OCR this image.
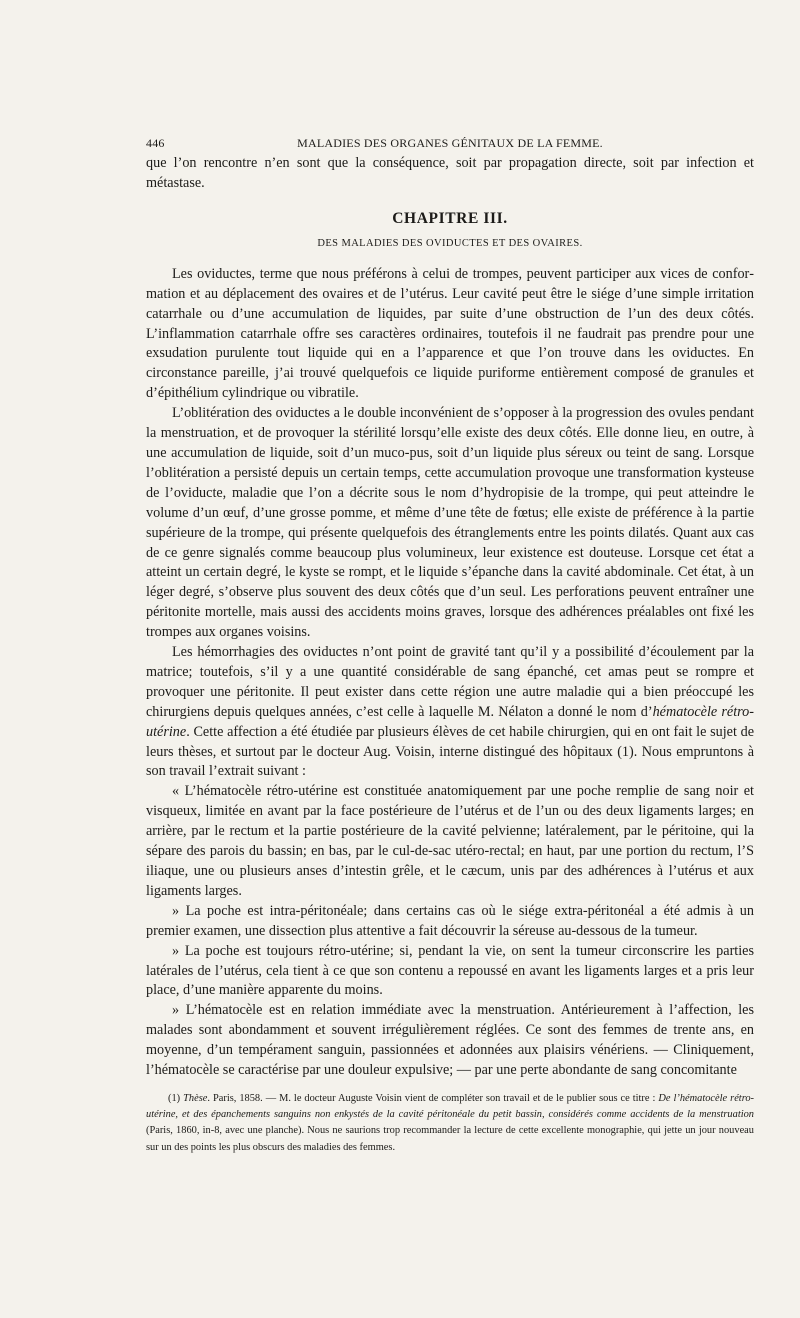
446	MALADIES DES ORGANES GÉNITAUX DE LA FEMME.

que l’on rencontre n’en sont que la conséquence, soit par propagation directe, soit par infection et métastase.

CHAPITRE III.
DES MALADIES DES OVIDUCTES ET DES OVAIRES.

Les oviductes, terme que nous préférons à celui de trompes, peuvent participer aux vices de conformation et au déplacement des ovaires et de l’utérus. Leur cavité peut être le siége d’une simple irritation catarrhale ou d’une accumulation de liquides, par suite d’une obstruction de l’un des deux côtés. L’inflammation catarrhale offre ses caractères ordinaires, toutefois il ne faudrait pas prendre pour une exsudation purulente tout liquide qui en a l’apparence et que l’on trouve dans les oviductes. En circonstance pareille, j’ai trouvé quelquefois ce liquide puriforme entièrement composé de granules et d’épithélium cylindrique ou vibratile.

L’oblitération des oviductes a le double inconvénient de s’opposer à la progression des ovules pendant la menstruation, et de provoquer la stérilité lorsqu’elle existe des deux côtés. Elle donne lieu, en outre, à une accumulation de liquide, soit d’un muco-pus, soit d’un liquide plus séreux ou teint de sang. Lorsque l’oblitération a persisté depuis un certain temps, cette accumulation provoque une transformation kysteuse de l’oviducte, maladie que l’on a décrite sous le nom d’hydropisie de la trompe, qui peut atteindre le volume d’un œuf, d’une grosse pomme, et même d’une tête de fœtus; elle existe de préférence à la partie supérieure de la trompe, qui présente quelquefois des étranglements entre les points dilatés. Quant aux cas de ce genre signalés comme beaucoup plus volumineux, leur existence est douteuse. Lorsque cet état a atteint un certain degré, le kyste se rompt, et le liquide s’épanche dans la cavité abdominale. Cet état, à un léger degré, s’observe plus souvent des deux côtés que d’un seul. Les perforations peuvent entraîner une péritonite mortelle, mais aussi des accidents moins graves, lorsque des adhérences préalables ont fixé les trompes aux organes voisins.

Les hémorrhagies des oviductes n’ont point de gravité tant qu’il y a possibilité d’écoulement par la matrice; toutefois, s’il y a une quantité considérable de sang épanché, cet amas peut se rompre et provoquer une péritonite. Il peut exister dans cette région une autre maladie qui a bien préoccupé les chirurgiens depuis quelques années, c’est celle à laquelle M. Nélaton a donné le nom d’hématocèle rétro-utérine. Cette affection a été étudiée par plusieurs élèves de cet habile chirurgien, qui en ont fait le sujet de leurs thèses, et surtout par le docteur Aug. Voisin, interne distingué des hôpitaux (1). Nous empruntons à son travail l’extrait suivant :

« L’hématocèle rétro-utérine est constituée anatomiquement par une poche remplie de sang noir et visqueux, limitée en avant par la face postérieure de l’utérus et de l’un ou des deux ligaments larges; en arrière, par le rectum et la partie postérieure de la cavité pelvienne; latéralement, par le péritoine, qui la sépare des parois du bassin; en bas, par le cul-de-sac utéro-rectal; en haut, par une portion du rectum, l’S iliaque, une ou plusieurs anses d’intestin grêle, et le cæcum, unis par des adhérences à l’utérus et aux ligaments larges.

» La poche est intra-péritonéale; dans certains cas où le siége extra-péritonéal a été admis à un premier examen, une dissection plus attentive a fait découvrir la séreuse au-dessous de la tumeur.

» La poche est toujours rétro-utérine; si, pendant la vie, on sent la tumeur circonscrire les parties latérales de l’utérus, cela tient à ce que son contenu a repoussé en avant les ligaments larges et a pris leur place, d’une manière apparente du moins.

» L’hématocèle est en relation immédiate avec la menstruation. Antérieurement à l’affection, les malades sont abondamment et souvent irrégulièrement réglées. Ce sont des femmes de trente ans, en moyenne, d’un tempérament sanguin, passionnées et adonnées aux plaisirs vénériens. — Cliniquement, l’hématocèle se caractérise par une douleur expulsive; — par une perte abondante de sang concomitante

(1) Thèse. Paris, 1858. — M. le docteur Auguste Voisin vient de compléter son travail et de le publier sous ce titre : De l’hématocèle rétro-utérine, et des épanchements sanguins non enkystés de la cavité péritonéale du petit bassin, considérés comme accidents de la menstruation (Paris, 1860, in-8, avec une planche). Nous ne saurions trop recommander la lecture de cette excellente monographie, qui jette un jour nouveau sur un des points les plus obscurs des maladies des femmes.
